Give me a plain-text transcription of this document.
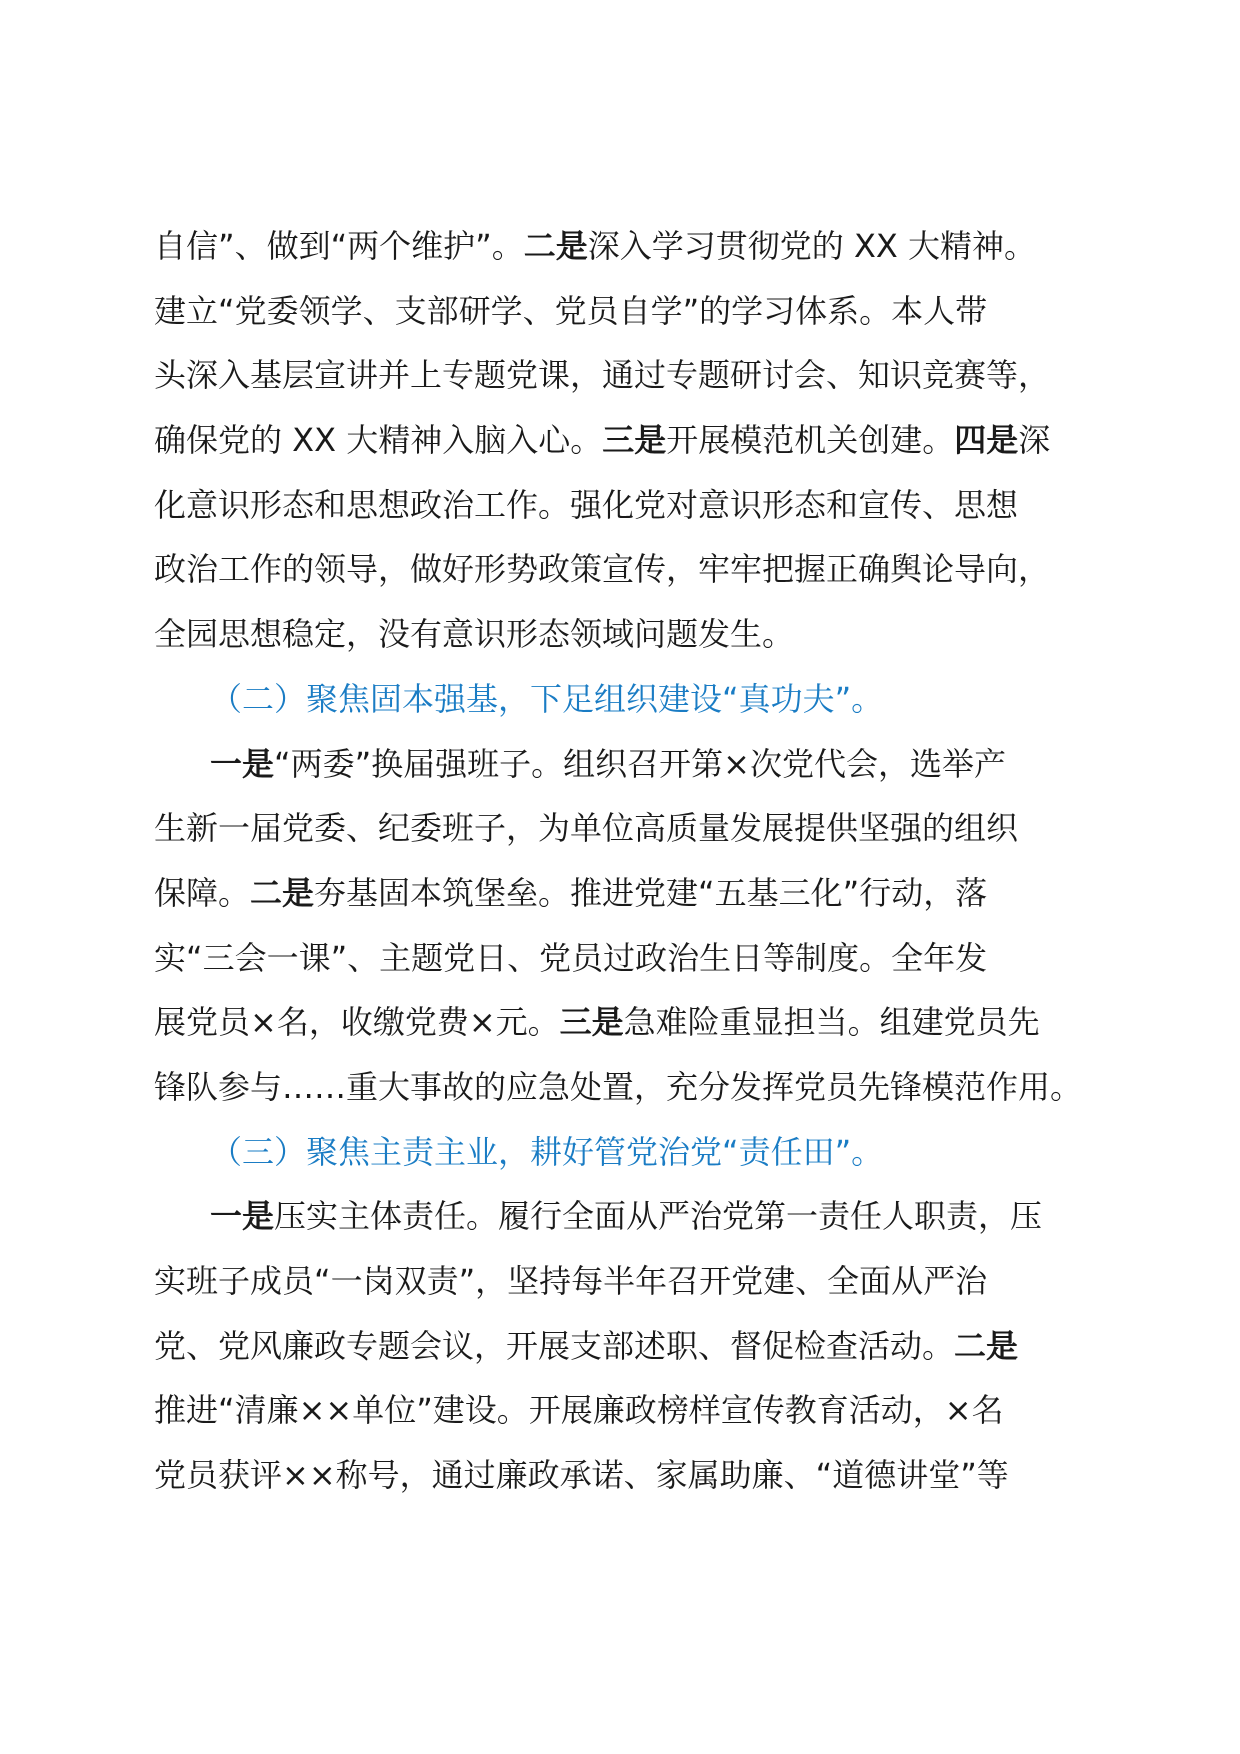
自信”、做到“两个维护”。二是深入学习贯彻党的 XX 大精神。
建立“党委领学、支部研学、党员自学”的学习体系。本人带
头深入基层宣讲并上专题党课，通过专题研讨会、知识竞赛等，
确保党的 XX 大精神入脑入心。三是开展模范机关创建。四是深
化意识形态和思想政治工作。强化党对意识形态和宣传、思想
政治工作的领导，做好形势政策宣传，牢牢把握正确舆论导向，
全园思想稳定，没有意识形态领域问题发生。
（二）聚焦固本强基，下足组织建设“真功夫”。
一是“两委”换届强班子。组织召开第×次党代会，选举产
生新一届党委、纪委班子，为单位高质量发展提供坚强的组织
保障。二是夯基固本筑堡垒。推进党建“五基三化”行动，落
实“三会一课”、主题党日、党员过政治生日等制度。全年发
展党员×名，收缴党费×元。三是急难险重显担当。组建党员先
锋队参与……重大事故的应急处置，充分发挥党员先锋模范作用。
（三）聚焦主责主业，耕好管党治党“责任田”。
一是压实主体责任。履行全面从严治党第一责任人职责，压
实班子成员“一岗双责”，坚持每半年召开党建、全面从严治
党、党风廉政专题会议，开展支部述职、督促检查活动。二是
推进“清廉××单位”建设。开展廉政榜样宣传教育活动，×名
党员获评××称号，通过廉政承诺、家属助廉、“道德讲堂”等
